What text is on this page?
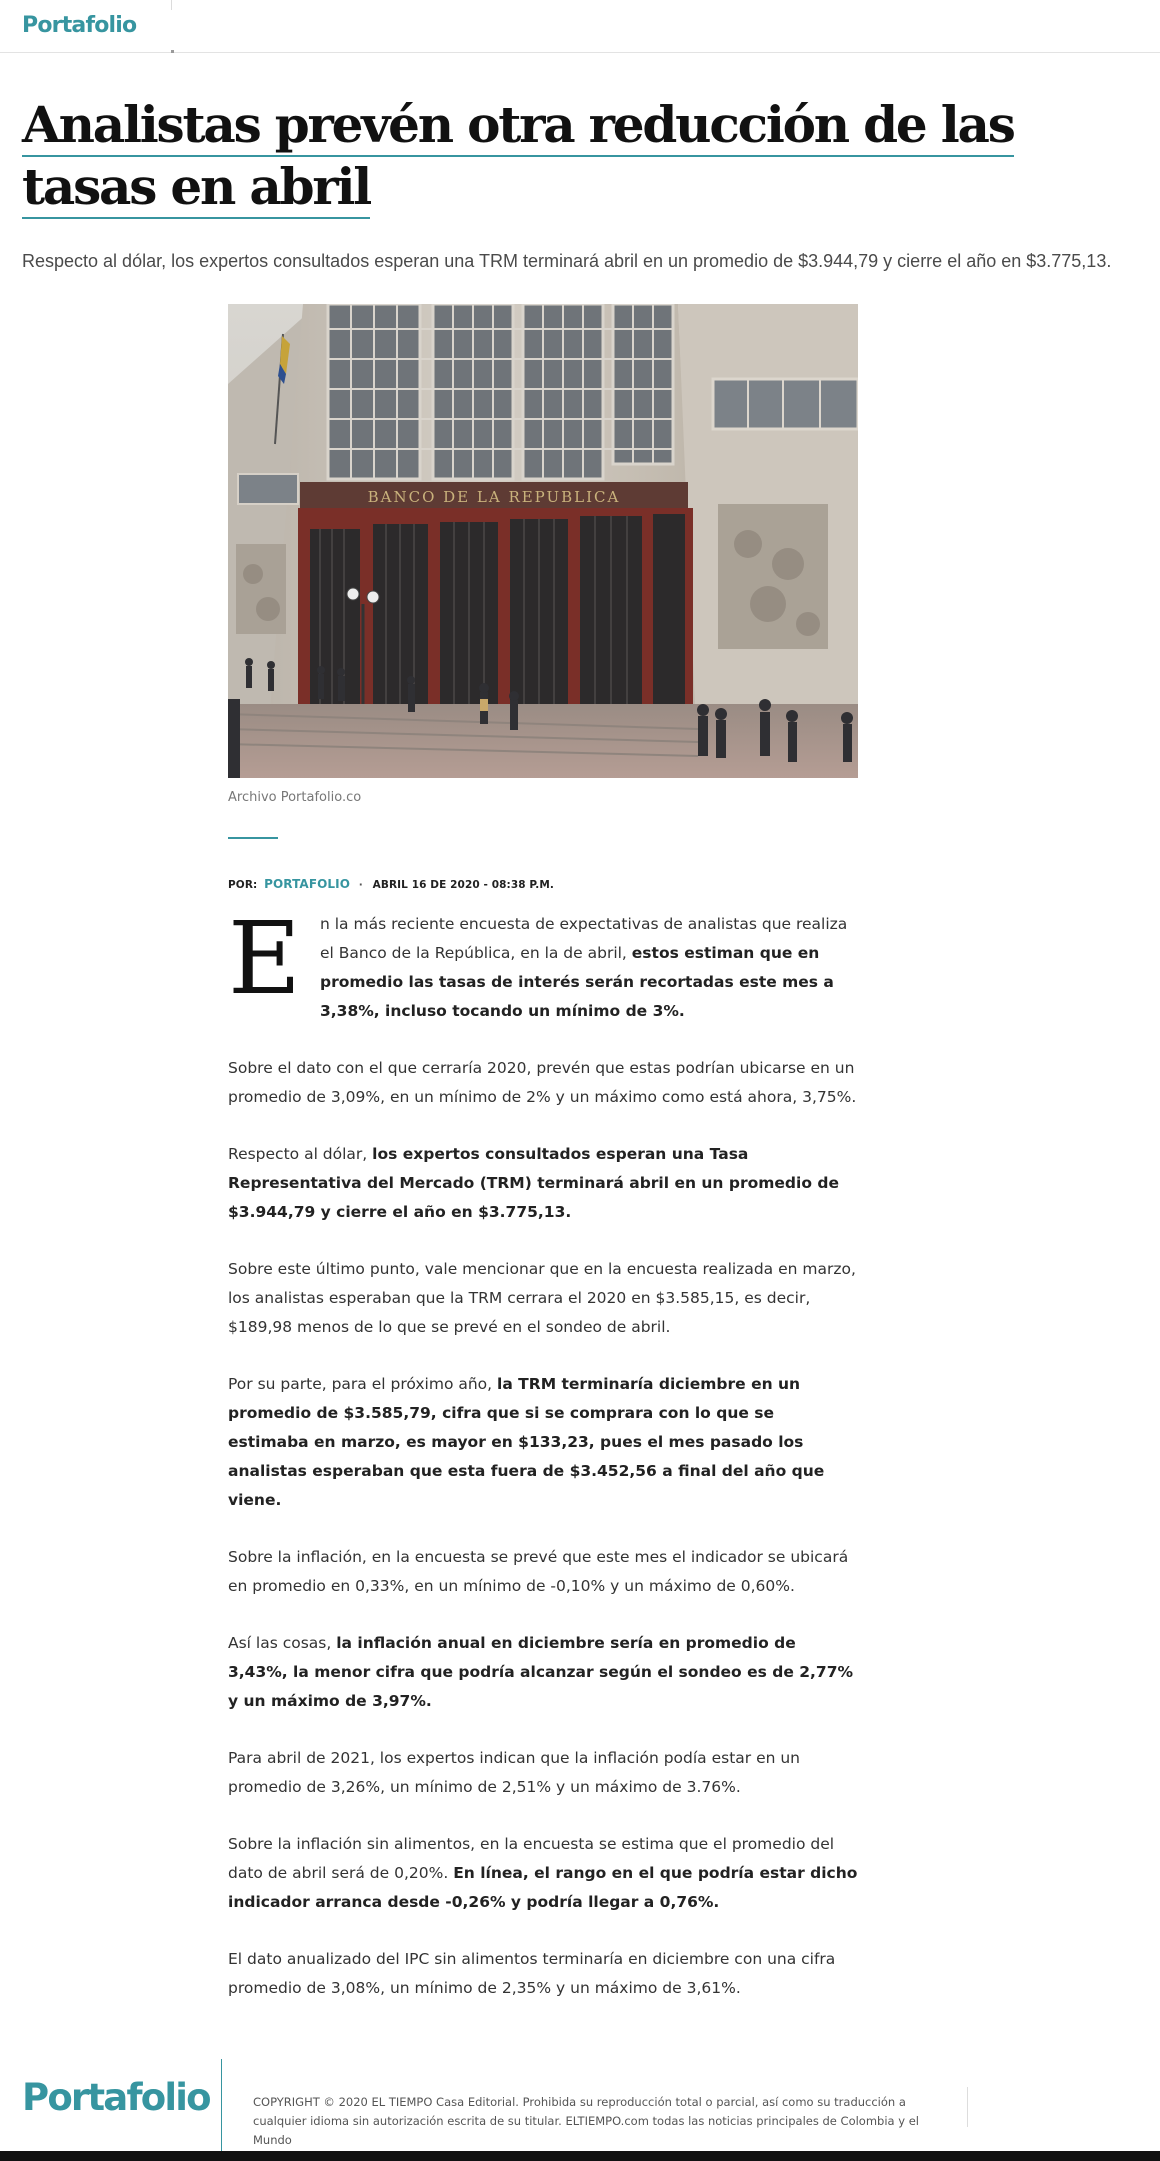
Portafolio
Analistas prevén otra reducción de las tasas en abril

Respecto al dólar, los expertos consultados esperan una TRM terminará abril en un promedio de $3.944,79 y cierre el año en $3.775,13.

BANCO DE LA REPUBLICA
Archivo Portafolio.co
POR: PORTAFOLIO · ABRIL 16 DE 2020 - 08:38 P.M.

E n la más reciente encuesta de expectativas de analistas que realiza el Banco de la República, en la de abril, estos estiman que en promedio las tasas de interés serán recortadas este mes a 3,38%, incluso tocando un mínimo de 3%.

Sobre el dato con el que cerraría 2020, prevén que estas podrían ubicarse en un promedio de 3,09%, en un mínimo de 2% y un máximo como está ahora, 3,75%.

Respecto al dólar, los expertos consultados esperan una Tasa Representativa del Mercado (TRM) terminará abril en un promedio de $3.944,79 y cierre el año en $3.775,13.

Sobre este último punto, vale mencionar que en la encuesta realizada en marzo, los analistas esperaban que la TRM cerrara el 2020 en $3.585,15, es decir, $189,98 menos de lo que se prevé en el sondeo de abril.

Por su parte, para el próximo año, la TRM terminaría diciembre en un promedio de $3.585,79, cifra que si se comprara con lo que se estimaba en marzo, es mayor en $133,23, pues el mes pasado los analistas esperaban que esta fuera de $3.452,56 a final del año que viene.

Sobre la inflación, en la encuesta se prevé que este mes el indicador se ubicará en promedio en 0,33%, en un mínimo de -0,10% y un máximo de 0,60%.

Así las cosas, la inflación anual en diciembre sería en promedio de 3,43%, la menor cifra que podría alcanzar según el sondeo es de 2,77% y un máximo de 3,97%.

Para abril de 2021, los expertos indican que la inflación podía estar en un promedio de 3,26%, un mínimo de 2,51% y un máximo de 3.76%.

Sobre la inflación sin alimentos, en la encuesta se estima que el promedio del dato de abril será de 0,20%. En línea, el rango en el que podría estar dicho indicador arranca desde -0,26% y podría llegar a 0,76%.

El dato anualizado del IPC sin alimentos terminaría en diciembre con una cifra promedio de 3,08%, un mínimo de 2,35% y un máximo de 3,61%.

Portafolio	COPYRIGHT © 2020 EL TIEMPO Casa Editorial. Prohibida su reproducción total o parcial, así como su traducción a cualquier idioma sin autorización escrita de su titular. ELTIEMPO.com todas las noticias principales de Colombia y el Mundo
